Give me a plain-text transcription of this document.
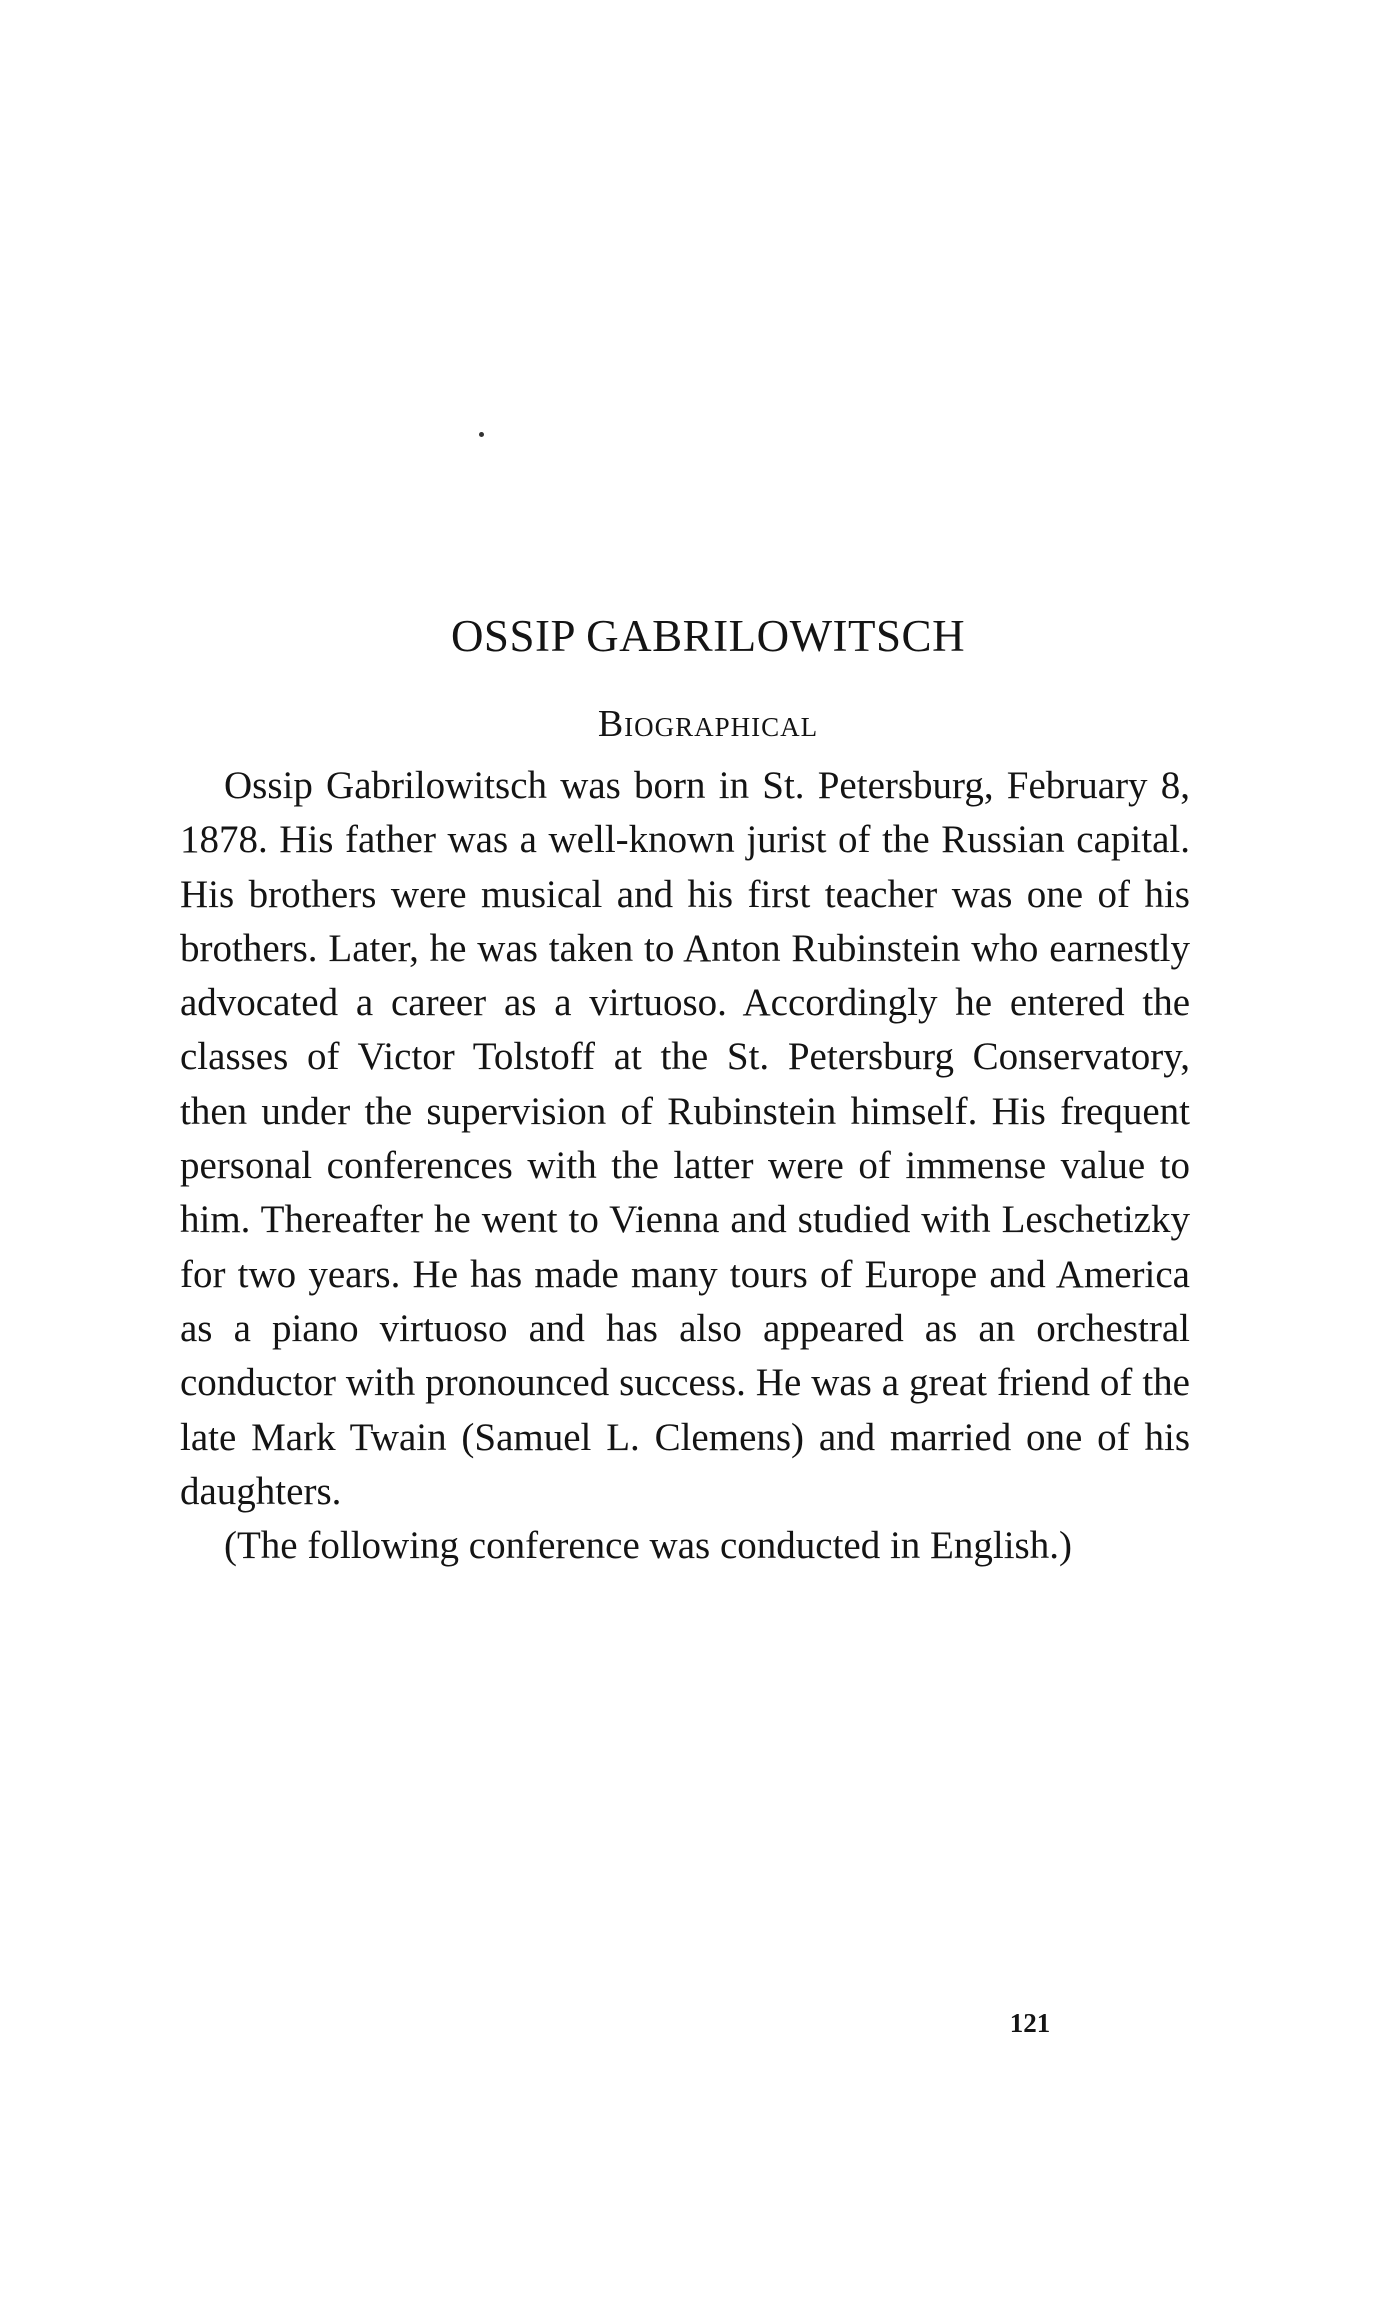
OSSIP GABRILOWITSCH
Biographical

Ossip Gabrilowitsch was born in St. Petersburg, February 8, 1878. His father was a well-known jurist of the Russian capital. His brothers were musical and his first teacher was one of his brothers. Later, he was taken to Anton Rubinstein who earnestly advocated a career as a virtuoso. Accordingly he entered the classes of Victor Tolstoff at the St. Petersburg Conservatory, then under the supervision of Rubinstein himself. His frequent personal conferences with the latter were of immense value to him. Thereafter he went to Vienna and studied with Leschetizky for two years. He has made many tours of Europe and America as a piano virtuoso and has also appeared as an orchestral conductor with pronounced success. He was a great friend of the late Mark Twain (Samuel L. Clemens) and married one of his daughters.

(The following conference was conducted in English.)

121
